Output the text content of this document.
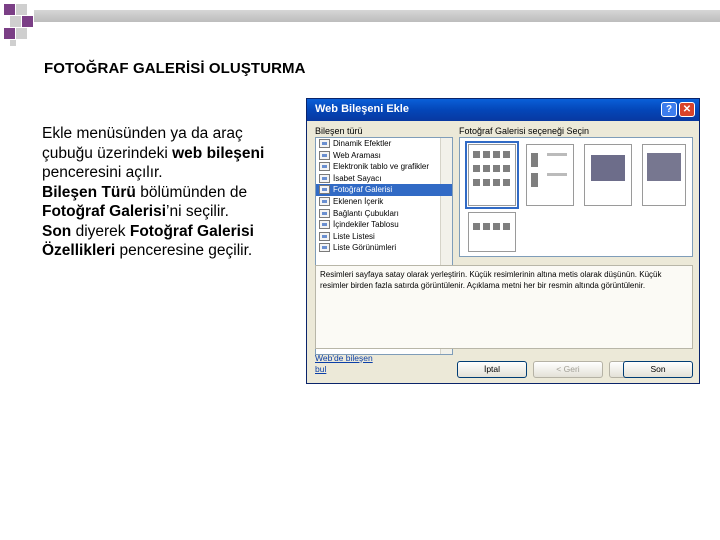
FOTOĞRAF GALERİSİ OLUŞTURMA
Ekle menüsünden ya da araç
çubuğu üzerindeki web bileşeni
penceresini açılır.
Bileşen Türü bölümünden de
Fotoğraf Galerisi’ni seçilir.
Son diyerek Fotoğraf Galerisi
Özellikleri penceresine geçilir.
Web Bileşeni Ekle	?	✕
Bileşen türü	Fotoğraf Galerisi seçeneği Seçin
Dinamik Efektler
Web Araması
Elektronik tablo ve grafikler
İsabet Sayacı
Fotoğraf Galerisi
Eklenen İçerik
Bağlantı Çubukları
İçindekiler Tablosu
Liste Listesi
Liste Görünümleri
Resimleri sayfaya satay olarak yerleştirin. Küçük resimlerinin altına metis olarak düşünün. Küçük resimler birden fazla satırda görüntülenir. Açıklama metni her bir resmin altında görüntülenir.
Web'de bileşen bul	İptal	< Geri	Son
